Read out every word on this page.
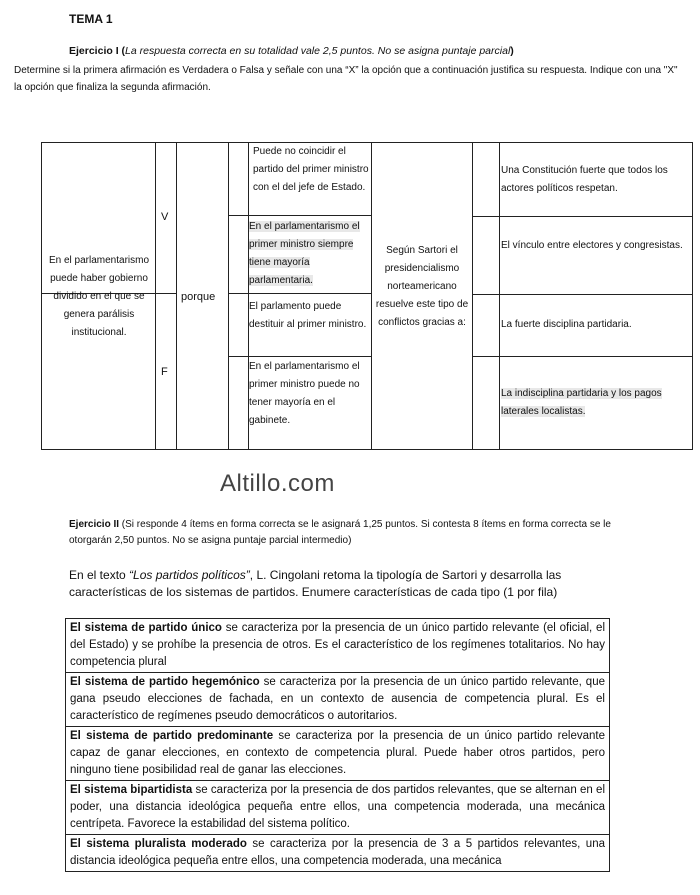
TEMA 1
Ejercicio I (La respuesta correcta en su totalidad vale 2,5 puntos. No se asigna puntaje parcial)
Determine si la primera afirmación es Verdadera o Falsa y señale con una “X” la opción que a continuación justifica su respuesta. Indique con una "X" la opción que finaliza la segunda afirmación.
En el parlamentarismo puede haber gobierno dividido en el que se genera parálisis institucional.
V
F
porque
Puede no coincidir el partido del primer ministro con el del jefe de Estado.
En el parlamentarismo el primer ministro siempre tiene mayoría parlamentaria.
El parlamento puede destituir al primer ministro.
En el parlamentarismo el primer ministro puede no tener mayoría en el gabinete.
Según Sartori el presidencialismo norteamericano resuelve este tipo de conflictos gracias a:
Una Constitución fuerte que todos los actores políticos respetan.
El vínculo entre electores y congresistas.
La fuerte disciplina partidaria.
La indisciplina partidaria y los pagos laterales localistas.
Altillo.com
Ejercicio II (Si responde 4 ítems en forma correcta se le asignará 1,25 puntos. Si contesta 8 ítems en forma correcta se le otorgarán 2,50 puntos. No se asigna puntaje parcial intermedio)
En el texto “Los partidos políticos”, L. Cingolani retoma la tipología de Sartori y desarrolla las características de los sistemas de partidos. Enumere características de cada tipo (1 por fila)
El sistema de partido único se caracteriza por la presencia de un único partido relevante (el oficial, el del Estado) y se prohíbe la presencia de otros. Es el característico de los regímenes totalitarios. No hay competencia plural
El sistema de partido hegemónico se caracteriza por la presencia de un único partido relevante, que gana pseudo elecciones de fachada, en un contexto de ausencia de competencia plural. Es el característico de regímenes pseudo democráticos o autoritarios.
El sistema de partido predominante se caracteriza por la presencia de un único partido relevante capaz de ganar elecciones, en contexto de competencia plural. Puede haber otros partidos, pero ninguno tiene posibilidad real de ganar las elecciones.
El sistema bipartidista se caracteriza por la presencia de dos partidos relevantes, que se alternan en el poder, una distancia ideológica pequeña entre ellos, una competencia moderada, una mecánica centrípeta. Favorece la estabilidad del sistema político.
El sistema pluralista moderado se caracteriza por la presencia de 3 a 5 partidos relevantes, una distancia ideológica pequeña entre ellos, una competencia moderada, una mecánica
